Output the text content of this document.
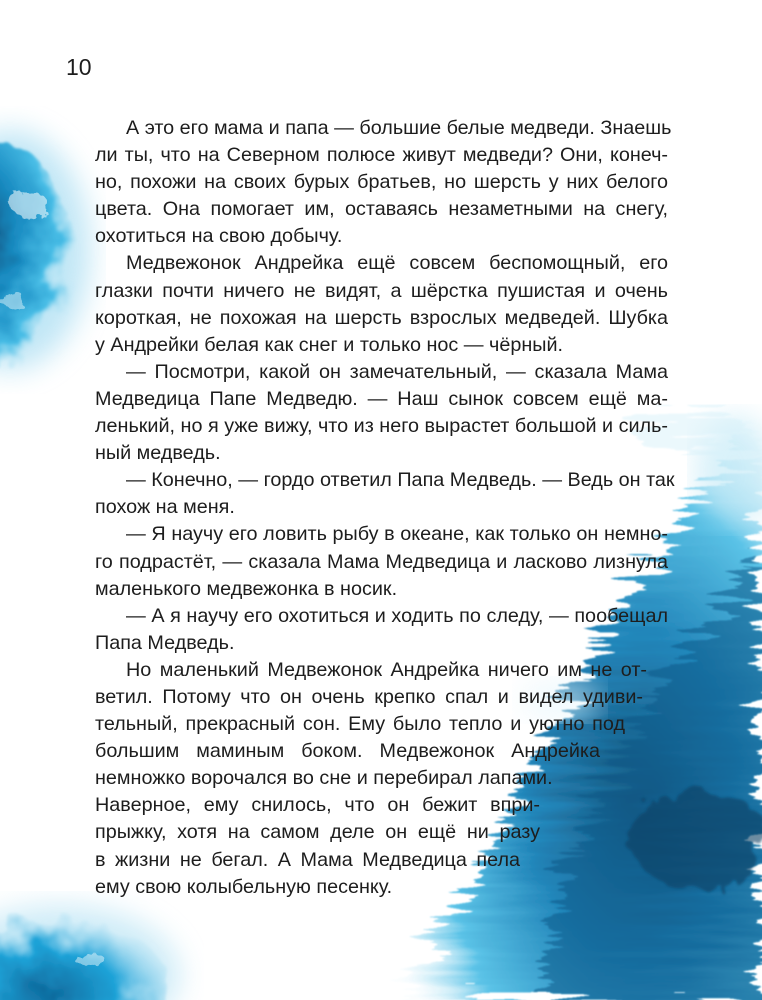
10
А это его мама и папа — большие белые медведи. Знаешь
ли ты, что на Северном полюсе живут медведи? Они, конеч-
но, похожи на своих бурых братьев, но шерсть у них белого
цвета. Она помогает им, оставаясь незаметными на снегу,
охотиться на свою добычу.
Медвежонок Андрейка ещё совсем беспомощный, его
глазки почти ничего не видят, а шёрстка пушистая и очень
короткая, не похожая на шерсть взрослых медведей. Шубка
у Андрейки белая как снег и только нос — чёрный.
— Посмотри, какой он замечательный, — сказала Мама
Медведица Папе Медведю. — Наш сынок совсем ещё ма-
ленький, но я уже вижу, что из него вырастет большой и силь-
ный медведь.
— Конечно, — гордо ответил Папа Медведь. — Ведь он так
похож на меня.
— Я научу его ловить рыбу в океане, как только он немно-
го подрастёт, — сказала Мама Медведица и ласково лизнула
маленького медвежонка в носик.
— А я научу его охотиться и ходить по следу, — пообещал
Папа Медведь.
Но маленький Медвежонок Андрейка ничего им не от-
ветил. Потому что он очень крепко спал и видел удиви-
тельный, прекрасный сон. Ему было тепло и уютно под
большим маминым боком. Медвежонок Андрейка
немножко ворочался во сне и перебирал лапами.
Наверное, ему снилось, что он бежит впри-
прыжку, хотя на самом деле он ещё ни разу
в жизни не бегал. А Мама Медведица пела
ему свою колыбельную песенку.
